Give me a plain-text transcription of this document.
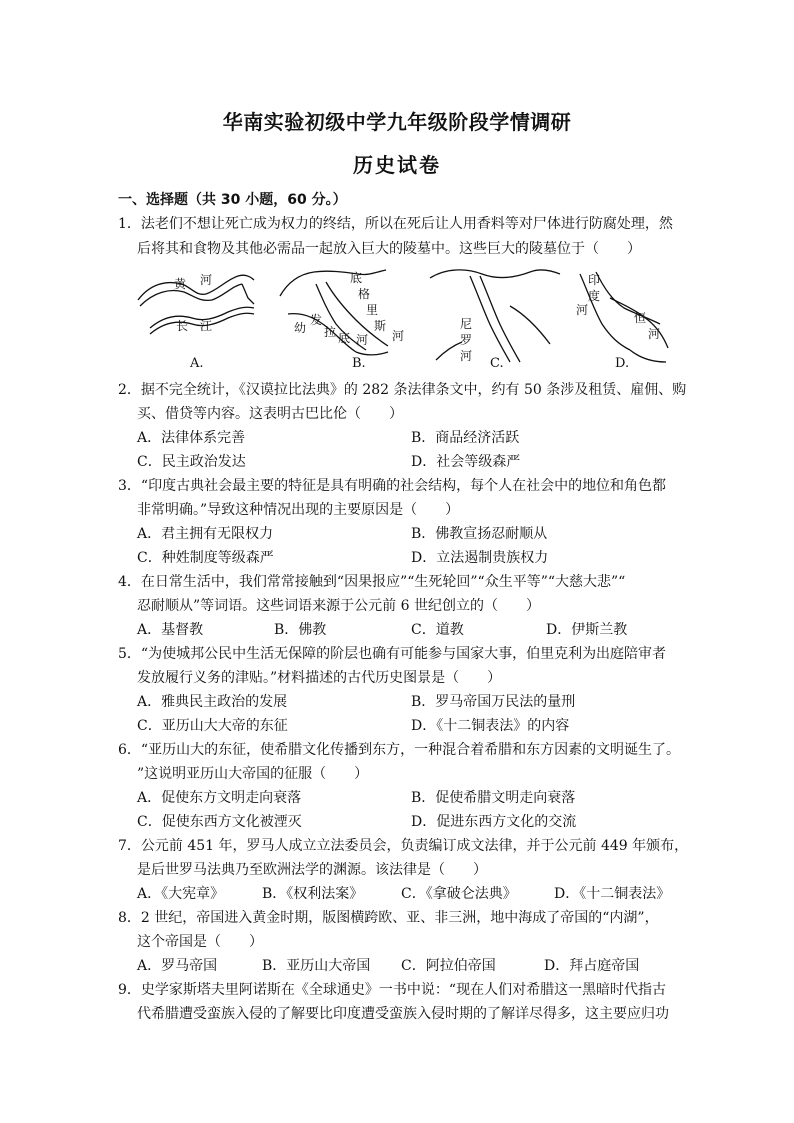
华南实验初级中学九年级阶段学情调研
历史试卷
一、选择题（共 30 小题，60 分。）
1．法老们不想让死亡成为权力的终结，所以在死后让人用香料等对尸体进行防腐处理，然
后将其和食物及其他必需品一起放入巨大的陵墓中。这些巨大的陵墓位于（　　）
黄 河
长 江
底
格
里
斯
河
幼
发
拉 底 河
尼
罗
河
印
度
河
恒
河
A.	B.	C.	D.
2．据不完全统计，《汉谟拉比法典》的 282 条法律条文中，约有 50 条涉及租赁、雇佣、购
买、借贷等内容。这表明古巴比伦（　　）
A．法律体系完善	B．商品经济活跃
C．民主政治发达	D．社会等级森严
3．“印度古典社会最主要的特征是具有明确的社会结构，每个人在社会中的地位和角色都
非常明确。”导致这种情况出现的主要原因是（　　）
A．君主拥有无限权力	B．佛教宣扬忍耐顺从
C．种姓制度等级森严	D．立法遏制贵族权力
4．在日常生活中，我们常常接触到“因果报应”“生死轮回”“众生平等”“大慈大悲”“
忍耐顺从”等词语。这些词语来源于公元前 6 世纪创立的（　　）
A．基督教	B．佛教	C．道教	D．伊斯兰教
5．“为使城邦公民中生活无保障的阶层也确有可能参与国家大事，伯里克利为出庭陪审者
发放履行义务的津贴。”材料描述的古代历史图景是（　　）
A．雅典民主政治的发展	B．罗马帝国万民法的量刑
C．亚历山大大帝的东征	D．《十二铜表法》的内容
6．“亚历山大的东征，使希腊文化传播到东方，一种混合着希腊和东方因素的文明诞生了。
”这说明亚历山大帝国的征服（　　）
A．促使东方文明走向衰落	B．促使希腊文明走向衰落
C．促使东西方文化被湮灭	D．促进东西方文化的交流
7．公元前 451 年，罗马人成立立法委员会，负责编订成文法律，并于公元前 449 年颁布，
是后世罗马法典乃至欧洲法学的渊源。该法律是（　　）
A．《大宪章》	B．《权利法案》	C．《拿破仑法典》	D．《十二铜表法》
8．2 世纪，帝国进入黄金时期，版图横跨欧、亚、非三洲，地中海成了帝国的“内湖”，
这个帝国是（　　）
A．罗马帝国	B．亚历山大帝国 C．阿拉伯帝国	D．拜占庭帝国
9．史学家斯塔夫里阿诺斯在《全球通史》一书中说：“现在人们对希腊这一黑暗时代指古
代希腊遭受蛮族入侵的了解要比印度遭受蛮族入侵时期的了解详尽得多，这主要应归功
